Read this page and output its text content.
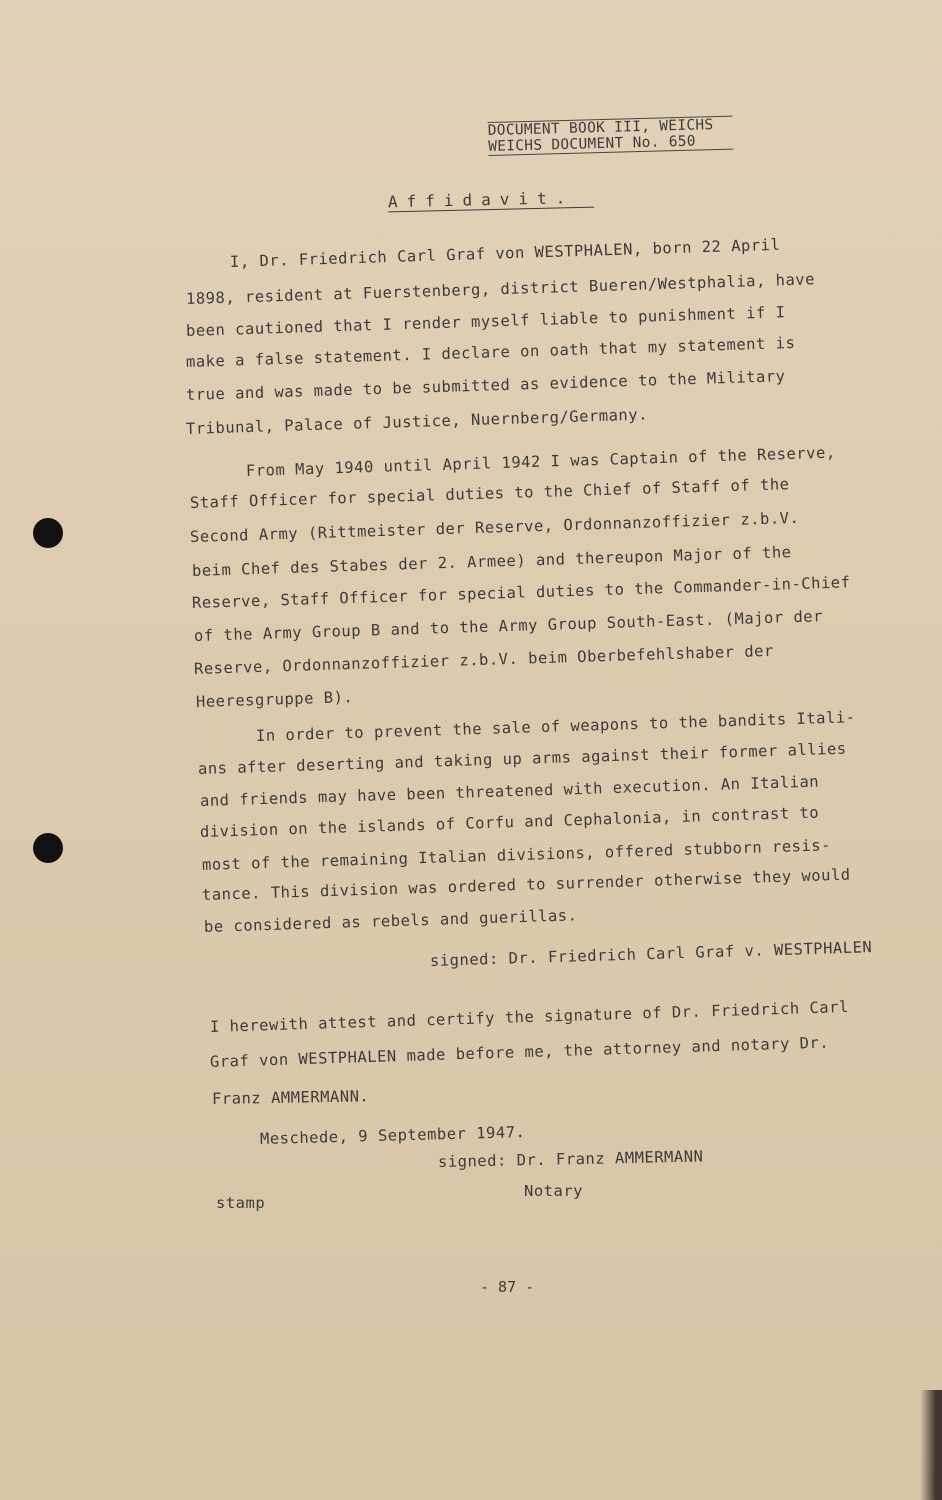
DOCUMENT BOOK III, WEICHS
WEICHS DOCUMENT No. 650
Affidavit.
I, Dr. Friedrich Carl Graf von WESTPHALEN, born 22 April
1898, resident at Fuerstenberg, district Bueren/Westphalia, have
been cautioned that I render myself liable to punishment if I
make a false statement. I declare on oath that my statement is
true and was made to be submitted as evidence to the Military
Tribunal, Palace of Justice, Nuernberg/Germany.
From May 1940 until April 1942 I was Captain of the Reserve,
Staff Officer for special duties to the Chief of Staff of the
Second Army (Rittmeister der Reserve, Ordonnanzoffizier z.b.V.
beim Chef des Stabes der 2. Armee) and thereupon Major of the
Reserve, Staff Officer for special duties to the Commander-in-Chief
of the Army Group B and to the Army Group South-East. (Major der
Reserve, Ordonnanzoffizier z.b.V. beim Oberbefehlshaber der
Heeresgruppe B).
In order to prevent the sale of weapons to the bandits Itali-
ans after deserting and taking up arms against their former allies
and friends may have been threatened with execution. An Italian
division on the islands of Corfu and Cephalonia, in contrast to
most of the remaining Italian divisions, offered stubborn resis-
tance. This division was ordered to surrender otherwise they would
be considered as rebels and guerillas.
signed: Dr. Friedrich Carl Graf v. WESTPHALEN
I herewith attest and certify the signature of Dr. Friedrich Carl
Graf von WESTPHALEN made before me, the attorney and notary Dr.
Franz AMMERMANN.
Meschede, 9 September 1947.
signed: Dr. Franz AMMERMANN
Notary
stamp
- 87 -
